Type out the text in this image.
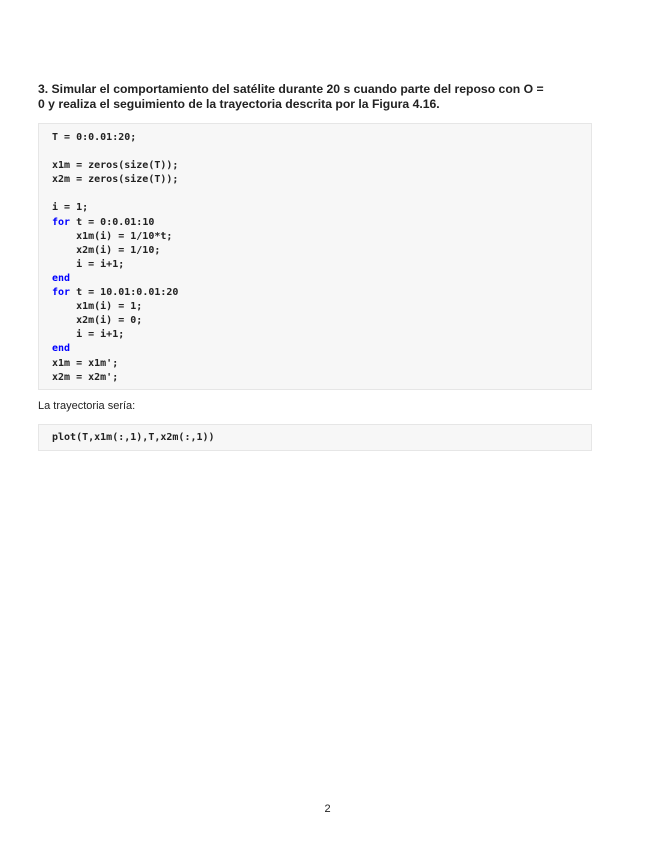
3. Simular el comportamiento del satélite durante 20 s cuando parte del reposo con O =
0 y realiza el seguimiento de la trayectoria descrita por la Figura 4.16.
T = 0:0.01:20;
x1m = zeros(size(T));
x2m = zeros(size(T));
i = 1;
for t = 0:0.01:10
x1m(i) = 1/10*t;
x2m(i) = 1/10;
i = i+1;
end
for t = 10.01:0.01:20
x1m(i) = 1;
x2m(i) = 0;
i = i+1;
end
x1m = x1m';
x2m = x2m';
La trayectoria sería:
plot(T,x1m(:,1),T,x2m(:,1))
2
